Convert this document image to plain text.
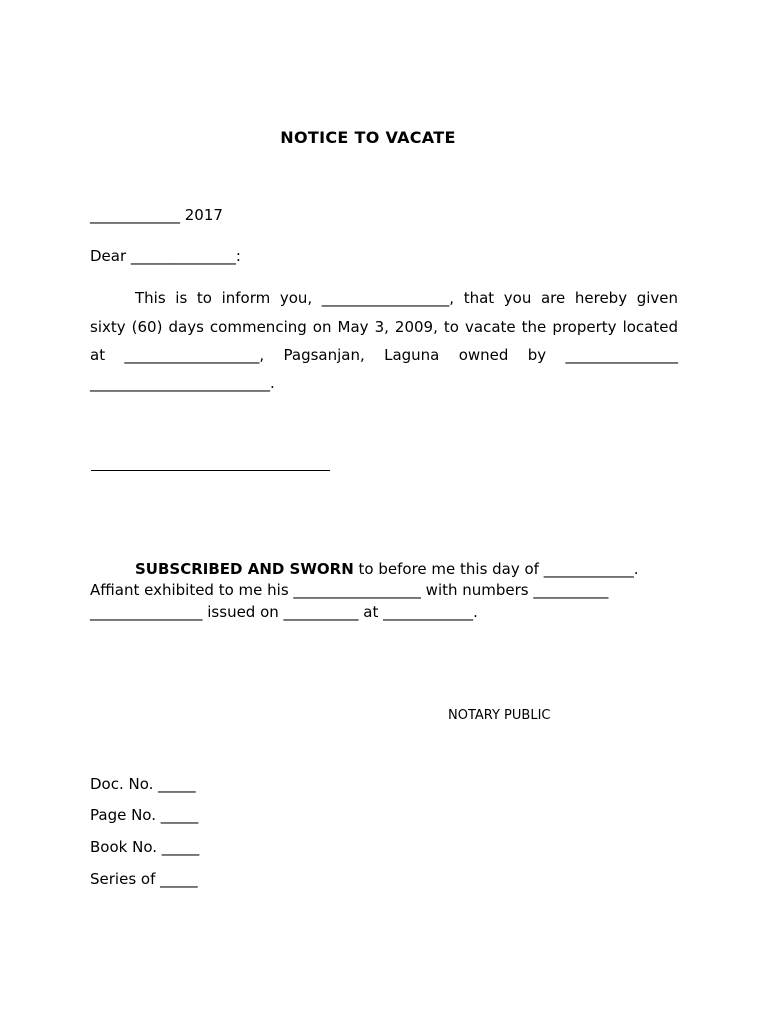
NOTICE TO VACATE
____________ 2017
Dear ______________:
This is to inform you, _________________, that you are hereby given
sixty (60) days commencing on May 3, 2009, to vacate the property located
at __________________, Pagsanjan, Laguna owned by _______________
________________________.
SUBSCRIBED AND SWORN to before me this day of ____________.
Affiant exhibited to me his _________________ with numbers __________
_______________ issued on __________ at ____________.
NOTARY PUBLIC
Doc. No. _____
Page No. _____
Book No. _____
Series of _____
